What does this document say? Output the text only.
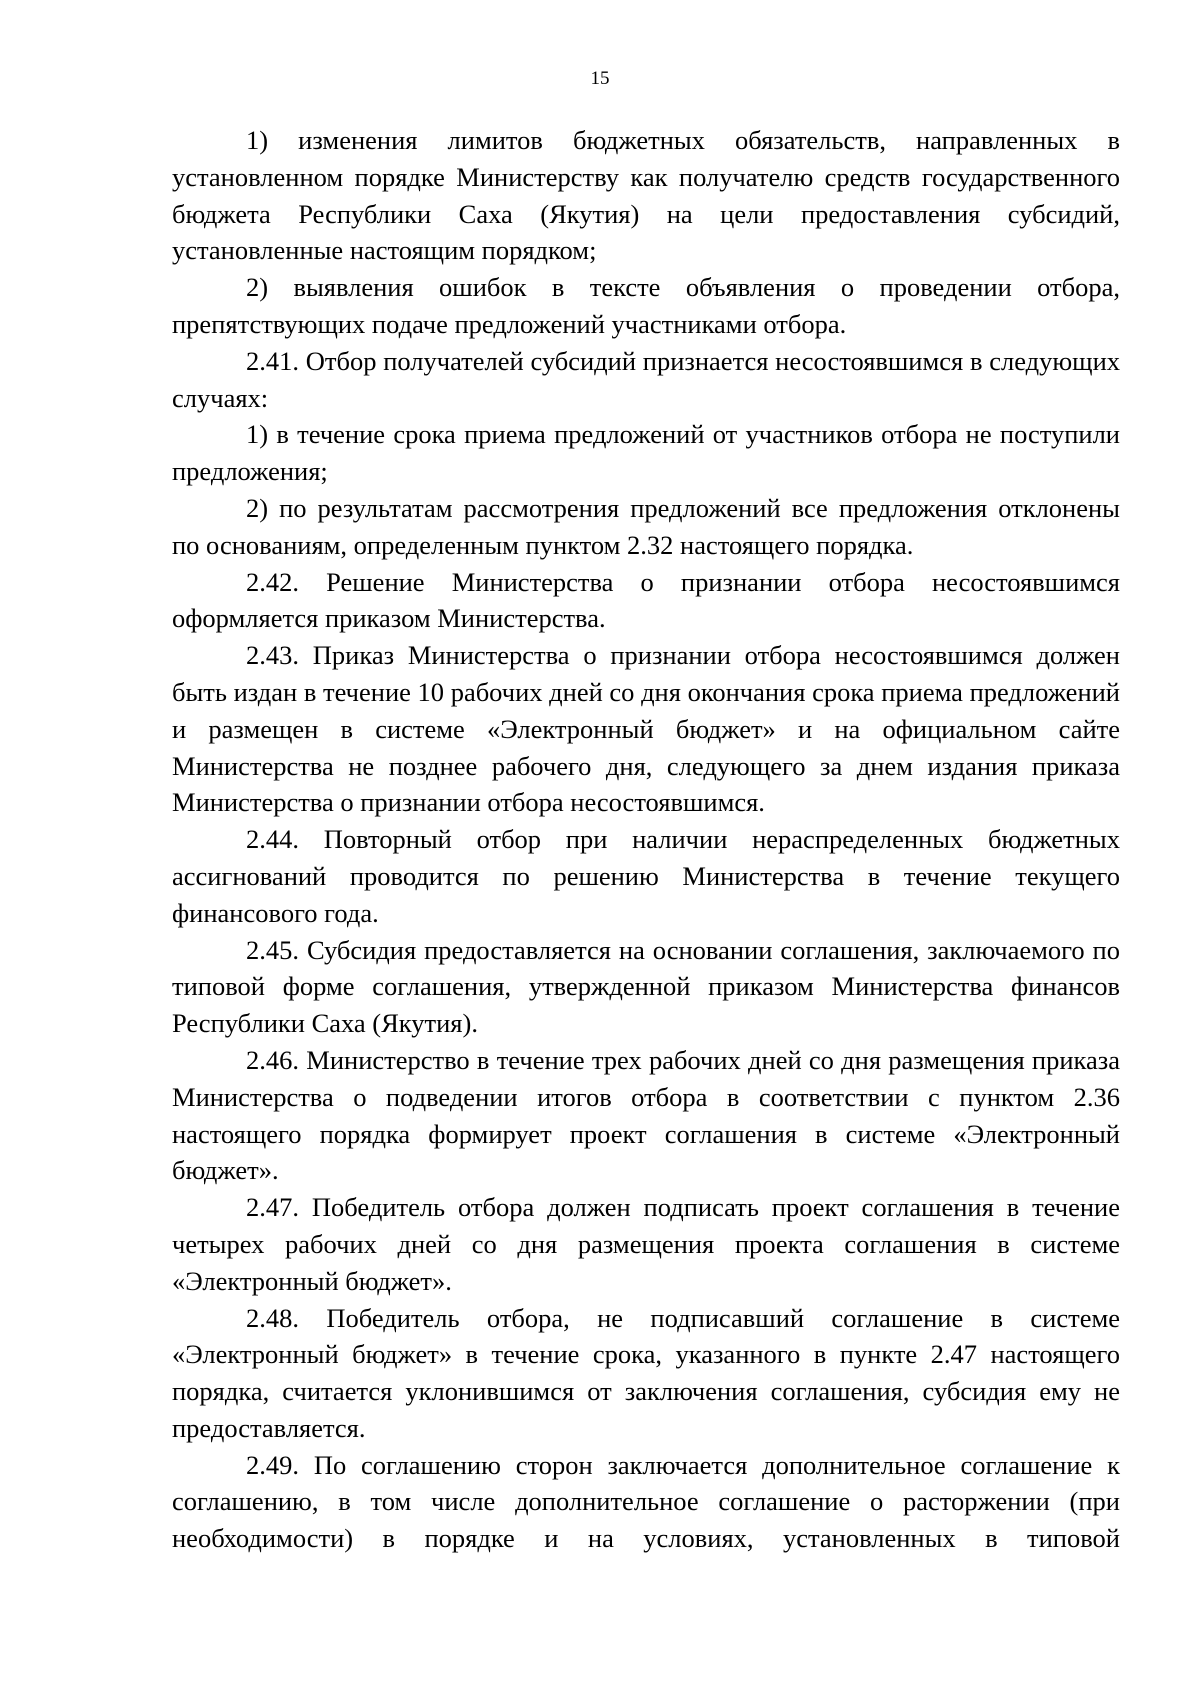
15

1) изменения лимитов бюджетных обязательств, направленных в установленном порядке Министерству как получателю средств государственного бюджета Республики Саха (Якутия) на цели предоставления субсидий, установленные настоящим порядком;

2) выявления ошибок в тексте объявления о проведении отбора, препятствующих подаче предложений участниками отбора.

2.41. Отбор получателей субсидий признается несостоявшимся в следующих случаях:

1) в течение срока приема предложений от участников отбора не поступили предложения;

2) по результатам рассмотрения предложений все предложения отклонены по основаниям, определенным пунктом 2.32 настоящего порядка.

2.42. Решение Министерства о признании отбора несостоявшимся оформляется приказом Министерства.

2.43. Приказ Министерства о признании отбора несостоявшимся должен быть издан в течение 10 рабочих дней со дня окончания срока приема предложений и размещен в системе «Электронный бюджет» и на официальном сайте Министерства не позднее рабочего дня, следующего за днем издания приказа Министерства о признании отбора несостоявшимся.

2.44. Повторный отбор при наличии нераспределенных бюджетных ассигнований проводится по решению Министерства в течение текущего финансового года.

2.45. Субсидия предоставляется на основании соглашения, заключаемого по типовой форме соглашения, утвержденной приказом Министерства финансов Республики Саха (Якутия).

2.46. Министерство в течение трех рабочих дней со дня размещения приказа Министерства о подведении итогов отбора в соответствии с пунктом 2.36 настоящего порядка формирует проект соглашения в системе «Электронный бюджет».

2.47. Победитель отбора должен подписать проект соглашения в течение четырех рабочих дней со дня размещения проекта соглашения в системе «Электронный бюджет».

2.48. Победитель отбора, не подписавший соглашение в системе «Электронный бюджет» в течение срока, указанного в пункте 2.47 настоящего порядка, считается уклонившимся от заключения соглашения, субсидия ему не предоставляется.

2.49. По соглашению сторон заключается дополнительное соглашение к соглашению, в том числе дополнительное соглашение о расторжении (при необходимости) в порядке и на условиях, установленных в типовой
